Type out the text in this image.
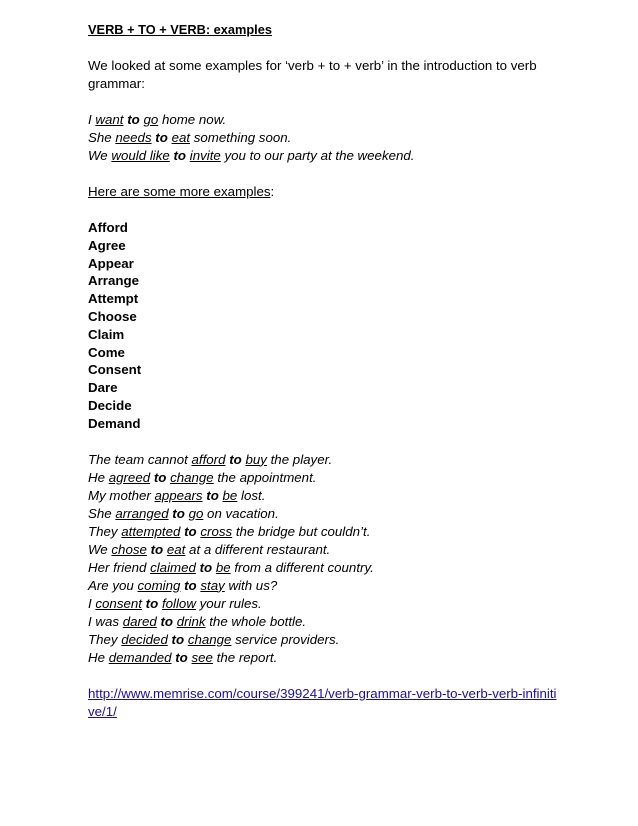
VERB + TO + VERB: examples
We looked at some examples for ‘verb + to + verb’ in the introduction to verb grammar:
I want to go home now.
She needs to eat something soon.
We would like to invite you to our party at the weekend.
Here are some more examples:
Afford
Agree
Appear
Arrange
Attempt
Choose
Claim
Come
Consent
Dare
Decide
Demand
The team cannot afford to buy the player.
He agreed to change the appointment.
My mother appears to be lost.
She arranged to go on vacation.
They attempted to cross the bridge but couldn’t.
We chose to eat at a different restaurant.
Her friend claimed to be from a different country.
Are you coming to stay with us?
I consent to follow your rules.
I was dared to drink the whole bottle.
They decided to change service providers.
He demanded to see the report.
http://www.memrise.com/course/399241/verb-grammar-verb-to-verb-verb-infinitive/1/
